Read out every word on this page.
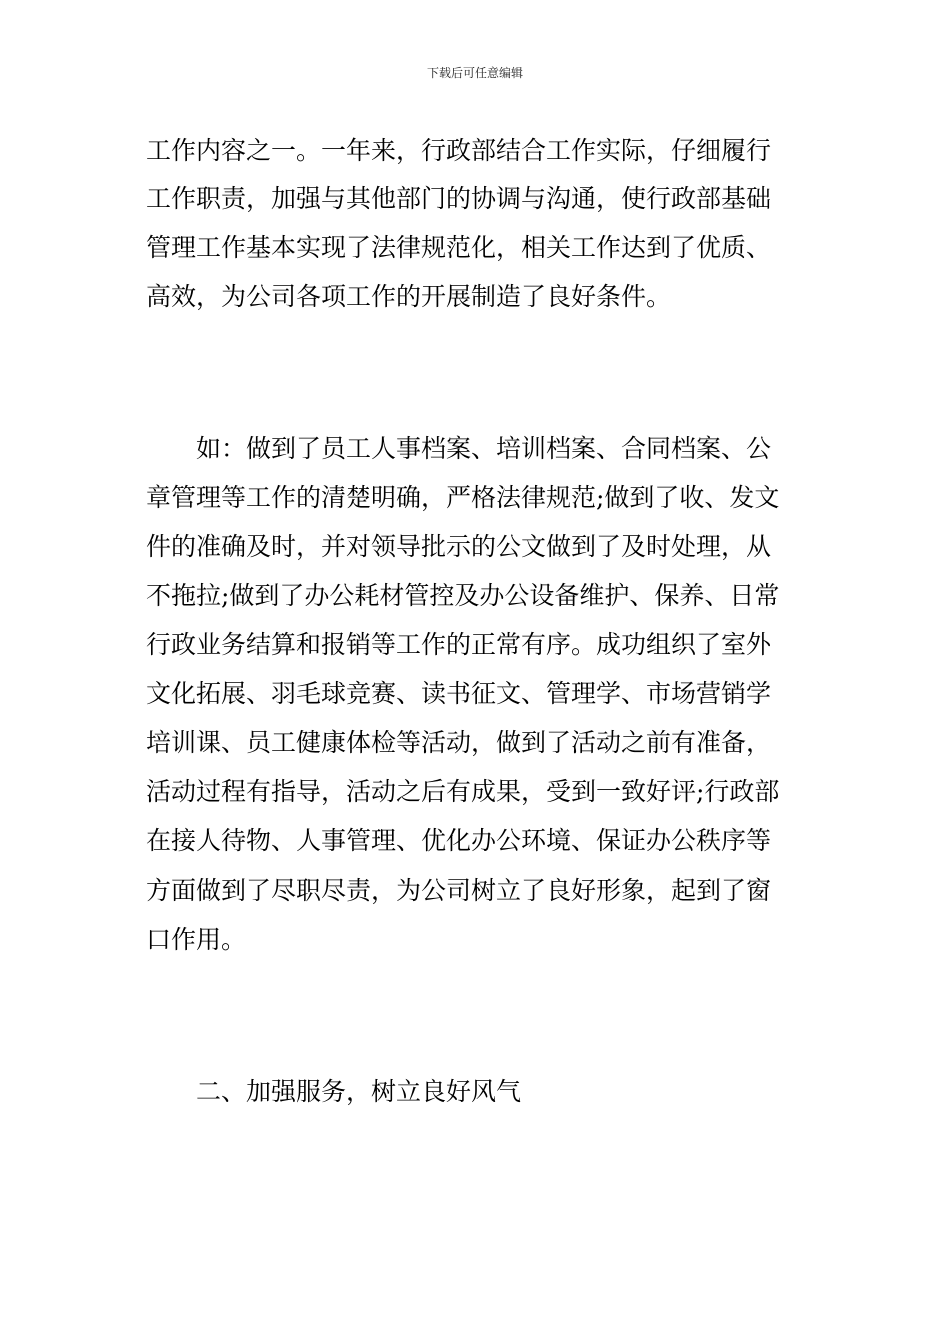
下载后可任意编辑
工作内容之一。一年来，行政部结合工作实际，仔细履行
工作职责，加强与其他部门的协调与沟通，使行政部基础
管理工作基本实现了法律规范化，相关工作达到了优质、
高效，为公司各项工作的开展制造了良好条件。
如：做到了员工人事档案、培训档案、合同档案、公
章管理等工作的清楚明确，严格法律规范;做到了收、发文
件的准确及时，并对领导批示的公文做到了及时处理，从
不拖拉;做到了办公耗材管控及办公设备维护、保养、日常
行政业务结算和报销等工作的正常有序。成功组织了室外
文化拓展、羽毛球竞赛、读书征文、管理学、市场营销学
培训课、员工健康体检等活动，做到了活动之前有准备，
活动过程有指导，活动之后有成果，受到一致好评;行政部
在接人待物、人事管理、优化办公环境、保证办公秩序等
方面做到了尽职尽责，为公司树立了良好形象，起到了窗
口作用。
二、加强服务，树立良好风气
